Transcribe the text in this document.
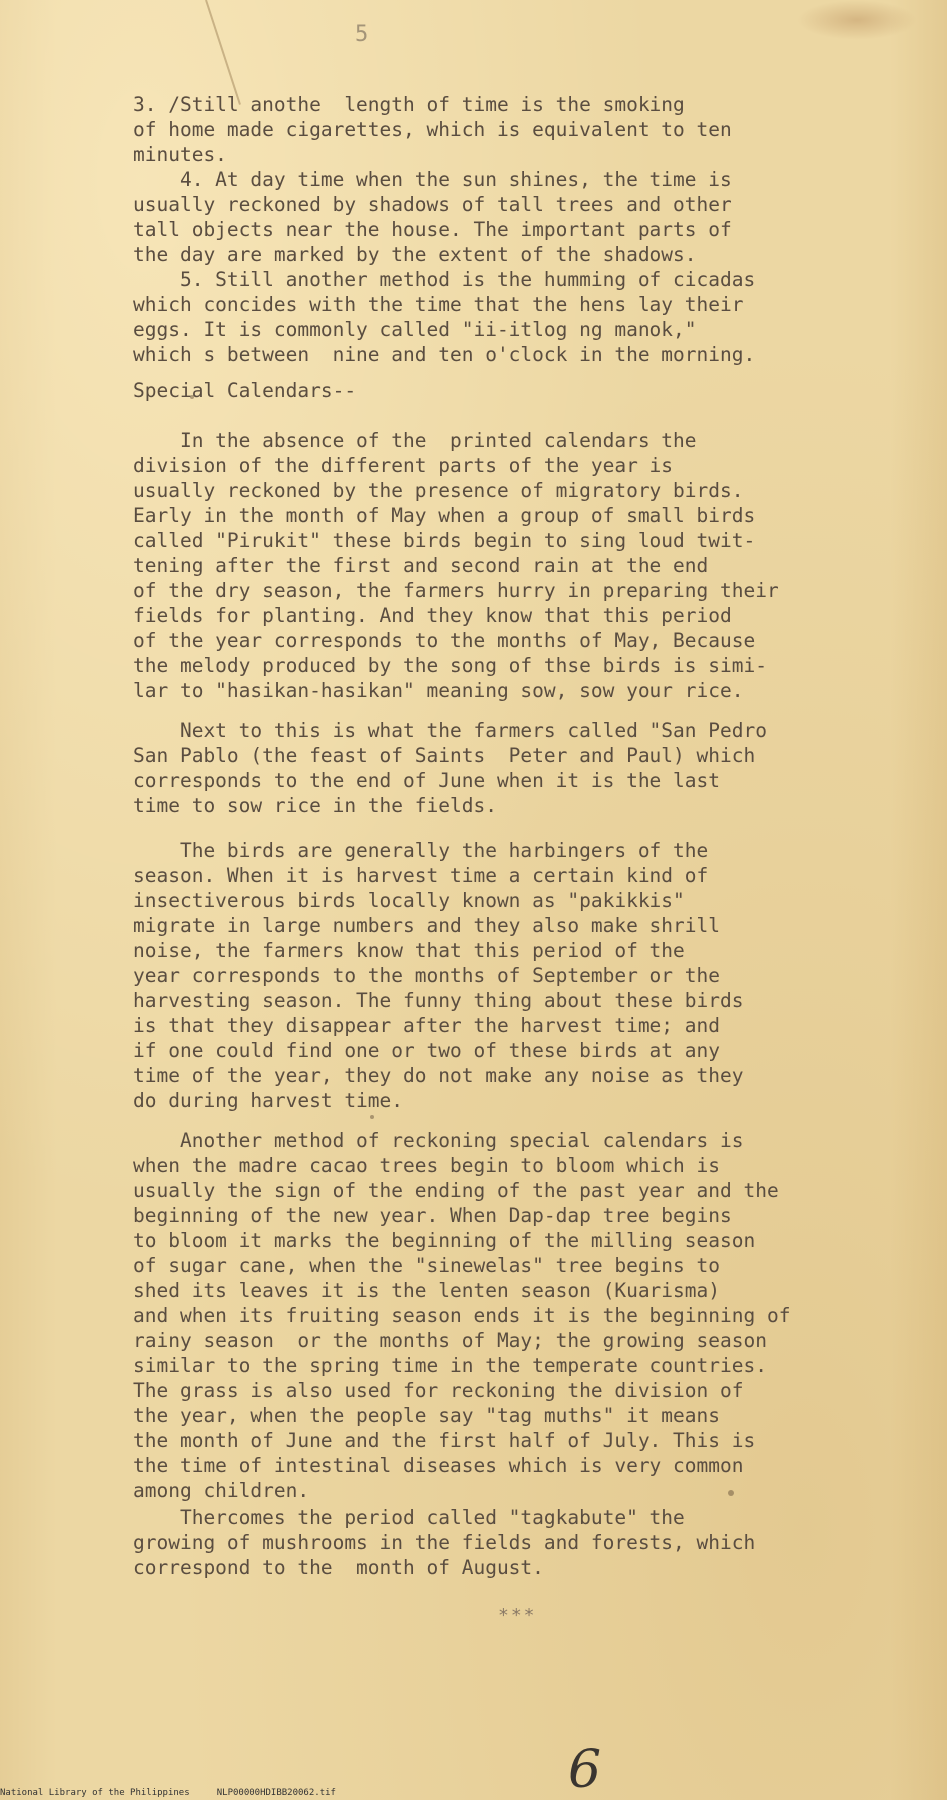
5
3. /Still anothe  length of time is the smoking
of home made cigarettes, which is equivalent to ten
minutes.
4. At day time when the sun shines, the time is
usually reckoned by shadows of tall trees and other
tall objects near the house. The important parts of
the day are marked by the extent of the shadows.
5. Still another method is the humming of cicadas
which concides with the time that the hens lay their
eggs. It is commonly called "ii-itlog ng manok,"
which s between  nine and ten o'clock in the morning.
Special Calendars--
In the absence of the  printed calendars the
division of the different parts of the year is
usually reckoned by the presence of migratory birds.
Early in the month of May when a group of small birds
called "Pirukit" these birds begin to sing loud twit-
tening after the first and second rain at the end
of the dry season, the farmers hurry in preparing their
fields for planting. And they know that this period
of the year corresponds to the months of May, Because
the melody produced by the song of thse birds is simi-
lar to "hasikan-hasikan" meaning sow, sow your rice.
Next to this is what the farmers called "San Pedro
San Pablo (the feast of Saints  Peter and Paul) which
corresponds to the end of June when it is the last
time to sow rice in the fields.
The birds are generally the harbingers of the
season. When it is harvest time a certain kind of
insectiverous birds locally known as "pakikkis"
migrate in large numbers and they also make shrill
noise, the farmers know that this period of the
year corresponds to the months of September or the
harvesting season. The funny thing about these birds
is that they disappear after the harvest time; and
if one could find one or two of these birds at any
time of the year, they do not make any noise as they
do during harvest time.
Another method of reckoning special calendars is
when the madre cacao trees begin to bloom which is
usually the sign of the ending of the past year and the
beginning of the new year. When Dap-dap tree begins
to bloom it marks the beginning of the milling season
of sugar cane, when the "sinewelas" tree begins to
shed its leaves it is the lenten season (Kuarisma)
and when its fruiting season ends it is the beginning of
rainy season  or the months of May; the growing season
similar to the spring time in the temperate countries.
The grass is also used for reckoning the division of
the year, when the people say "tag muths" it means
the month of June and the first half of July. This is
the time of intestinal diseases which is very common
among children.
Thercomes the period called "tagkabute" the
growing of mushrooms in the fields and forests, which
correspond to the  month of August.
***
6
National Library of the Philippines     NLP00000HDIBB20062.tif
